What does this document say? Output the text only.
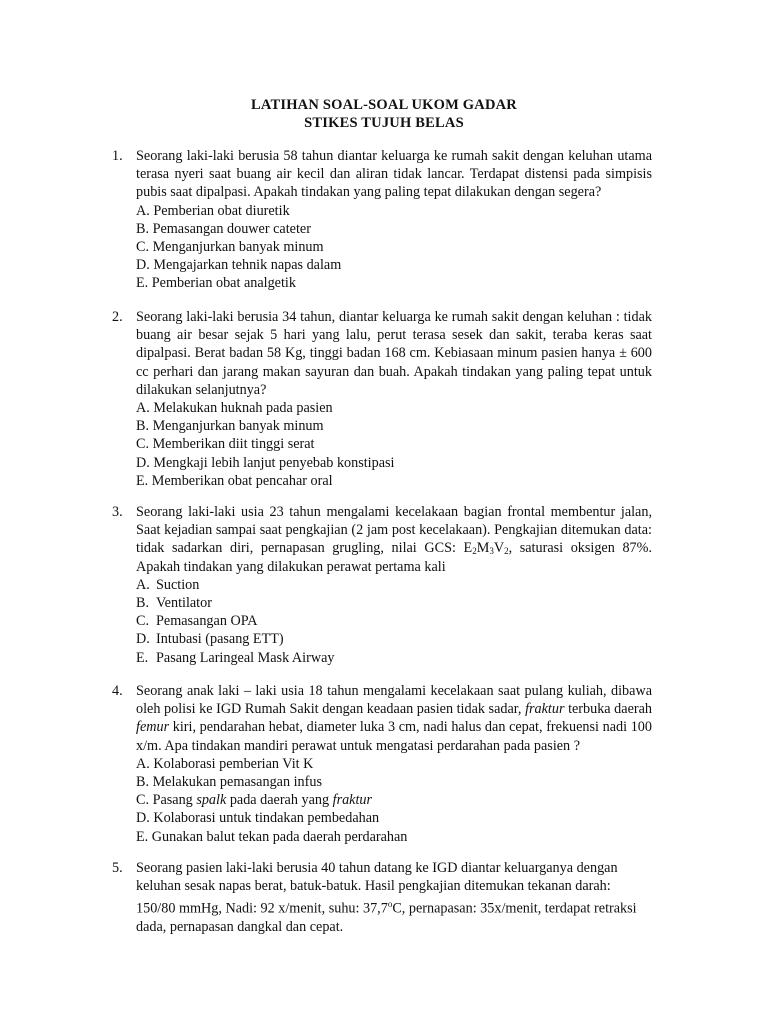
LATIHAN SOAL-SOAL UKOM GADAR
STIKES TUJUH BELAS
1. Seorang laki-laki berusia 58 tahun diantar keluarga ke rumah sakit dengan keluhan utama terasa nyeri saat buang air kecil dan aliran tidak lancar. Terdapat distensi pada simpisis pubis saat dipalpasi. Apakah tindakan yang paling tepat dilakukan dengan segera?
A. Pemberian obat diuretik
B. Pemasangan douwer cateter
C. Menganjurkan banyak minum
D. Mengajarkan tehnik napas dalam
E. Pemberian obat analgetik
2. Seorang laki-laki berusia 34 tahun, diantar keluarga ke rumah sakit dengan keluhan : tidak buang air besar sejak 5 hari yang lalu, perut terasa sesek dan sakit, teraba keras saat dipalpasi. Berat badan 58 Kg, tinggi badan 168 cm. Kebiasaan minum pasien hanya ± 600 cc perhari dan jarang makan sayuran dan buah. Apakah tindakan yang paling tepat untuk dilakukan selanjutnya?
A. Melakukan huknah pada pasien
B. Menganjurkan banyak minum
C. Memberikan diit tinggi serat
D. Mengkaji lebih lanjut penyebab konstipasi
E. Memberikan obat pencahar oral
3. Seorang laki-laki usia 23 tahun mengalami kecelakaan bagian frontal membentur jalan, Saat kejadian sampai saat pengkajian (2 jam post kecelakaan). Pengkajian ditemukan data: tidak sadarkan diri, pernapasan grugling, nilai GCS: $E_2M_3V_2$, saturasi oksigen 87%. Apakah tindakan yang dilakukan perawat pertama kali
A. Suction
B. Ventilator
C. Pemasangan OPA
D. Intubasi (pasang ETT)
E. Pasang Laringeal Mask Airway
4. Seorang anak laki – laki usia 18 tahun mengalami kecelakaan saat pulang kuliah, dibawa oleh polisi ke IGD Rumah Sakit dengan keadaan pasien tidak sadar, fraktur terbuka daerah femur kiri, pendarahan hebat, diameter luka 3 cm, nadi halus dan cepat, frekuensi nadi 100 x/m. Apa tindakan mandiri perawat untuk mengatasi perdarahan pada pasien ?
A. Kolaborasi pemberian Vit K
B. Melakukan pemasangan infus
C. Pasang spalk pada daerah yang fraktur
D. Kolaborasi untuk tindakan pembedahan
E. Gunakan balut tekan pada daerah perdarahan
5. Seorang pasien laki-laki berusia 40 tahun datang ke IGD diantar keluarganya dengan
keluhan sesak napas berat, batuk-batuk. Hasil pengkajian ditemukan tekanan darah:
150/80 mmHg, Nadi: 92 x/menit, suhu: 37,7$^o$C, pernapasan: 35x/menit, terdapat retraksi
dada, pernapasan dangkal dan cepat.
